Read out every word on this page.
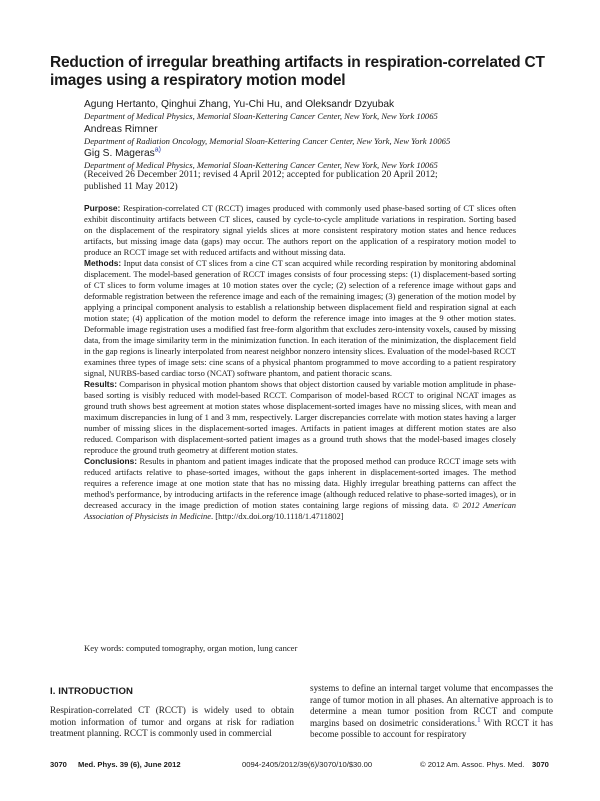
Reduction of irregular breathing artifacts in respiration-correlated CT images using a respiratory motion model
Agung Hertanto, Qinghui Zhang, Yu-Chi Hu, and Oleksandr Dzyubak
Department of Medical Physics, Memorial Sloan-Kettering Cancer Center, New York, New York 10065
Andreas Rimner
Department of Radiation Oncology, Memorial Sloan-Kettering Cancer Center, New York, New York 10065
Gig S. Mageras$^{a)}$
Department of Medical Physics, Memorial Sloan-Kettering Cancer Center, New York, New York 10065
(Received 26 December 2011; revised 4 April 2012; accepted for publication 20 April 2012; published 11 May 2012)

Purpose: Respiration-correlated CT (RCCT) images produced with commonly used phase-based sorting of CT slices often exhibit discontinuity artifacts between CT slices, caused by cycle-to-cycle amplitude variations in respiration. Sorting based on the displacement of the respiratory signal yields slices at more consistent respiratory motion states and hence reduces artifacts, but missing image data (gaps) may occur. The authors report on the application of a respiratory motion model to produce an RCCT image set with reduced artifacts and without missing data.

Methods: Input data consist of CT slices from a cine CT scan acquired while recording respiration by monitoring abdominal displacement. The model-based generation of RCCT images consists of four processing steps: (1) displacement-based sorting of CT slices to form volume images at 10 motion states over the cycle; (2) selection of a reference image without gaps and deformable registration between the reference image and each of the remaining images; (3) generation of the motion model by applying a principal component analysis to establish a relationship between displacement field and respiration signal at each motion state; (4) application of the motion model to deform the reference image into images at the 9 other motion states. Deformable image registration uses a modified fast free-form algorithm that excludes zero-intensity voxels, caused by missing data, from the image similarity term in the minimization function. In each iteration of the minimization, the displacement field in the gap regions is linearly interpolated from nearest neighbor nonzero intensity slices. Evaluation of the model-based RCCT examines three types of image sets: cine scans of a physical phantom programmed to move according to a patient respiratory signal, NURBS-based cardiac torso (NCAT) software phantom, and patient thoracic scans.

Results: Comparison in physical motion phantom shows that object distortion caused by variable motion amplitude in phase-based sorting is visibly reduced with model-based RCCT. Comparison of model-based RCCT to original NCAT images as ground truth shows best agreement at motion states whose displacement-sorted images have no missing slices, with mean and maximum discrepancies in lung of 1 and 3 mm, respectively. Larger discrepancies correlate with motion states having a larger number of missing slices in the displacement-sorted images. Artifacts in patient images at different motion states are also reduced. Comparison with displacement-sorted patient images as a ground truth shows that the model-based images closely reproduce the ground truth geometry at different motion states.

Conclusions: Results in phantom and patient images indicate that the proposed method can produce RCCT image sets with reduced artifacts relative to phase-sorted images, without the gaps inherent in displacement-sorted images. The method requires a reference image at one motion state that has no missing data. Highly irregular breathing patterns can affect the method's performance, by introducing artifacts in the reference image (although reduced relative to phase-sorted images), or in decreased accuracy in the image prediction of motion states containing large regions of missing data. © 2012 American Association of Physicists in Medicine. [http://dx.doi.org/10.1118/1.4711802]

Key words: computed tomography, organ motion, lung cancer
I. INTRODUCTION

Respiration-correlated CT (RCCT) is widely used to obtain motion information of tumor and organs at risk for radiation treatment planning. RCCT is commonly used in commercial

systems to define an internal target volume that encompasses the range of tumor motion in all phases. An alternative approach is to determine a mean tumor position from RCCT and compute margins based on dosimetric considerations.$^1$ With RCCT it has become possible to account for respiratory

3070 Med. Phys. 39 (6), June 2012	0094-2405/2012/39(6)/3070/10/$30.00	© 2012 Am. Assoc. Phys. Med. 3070
